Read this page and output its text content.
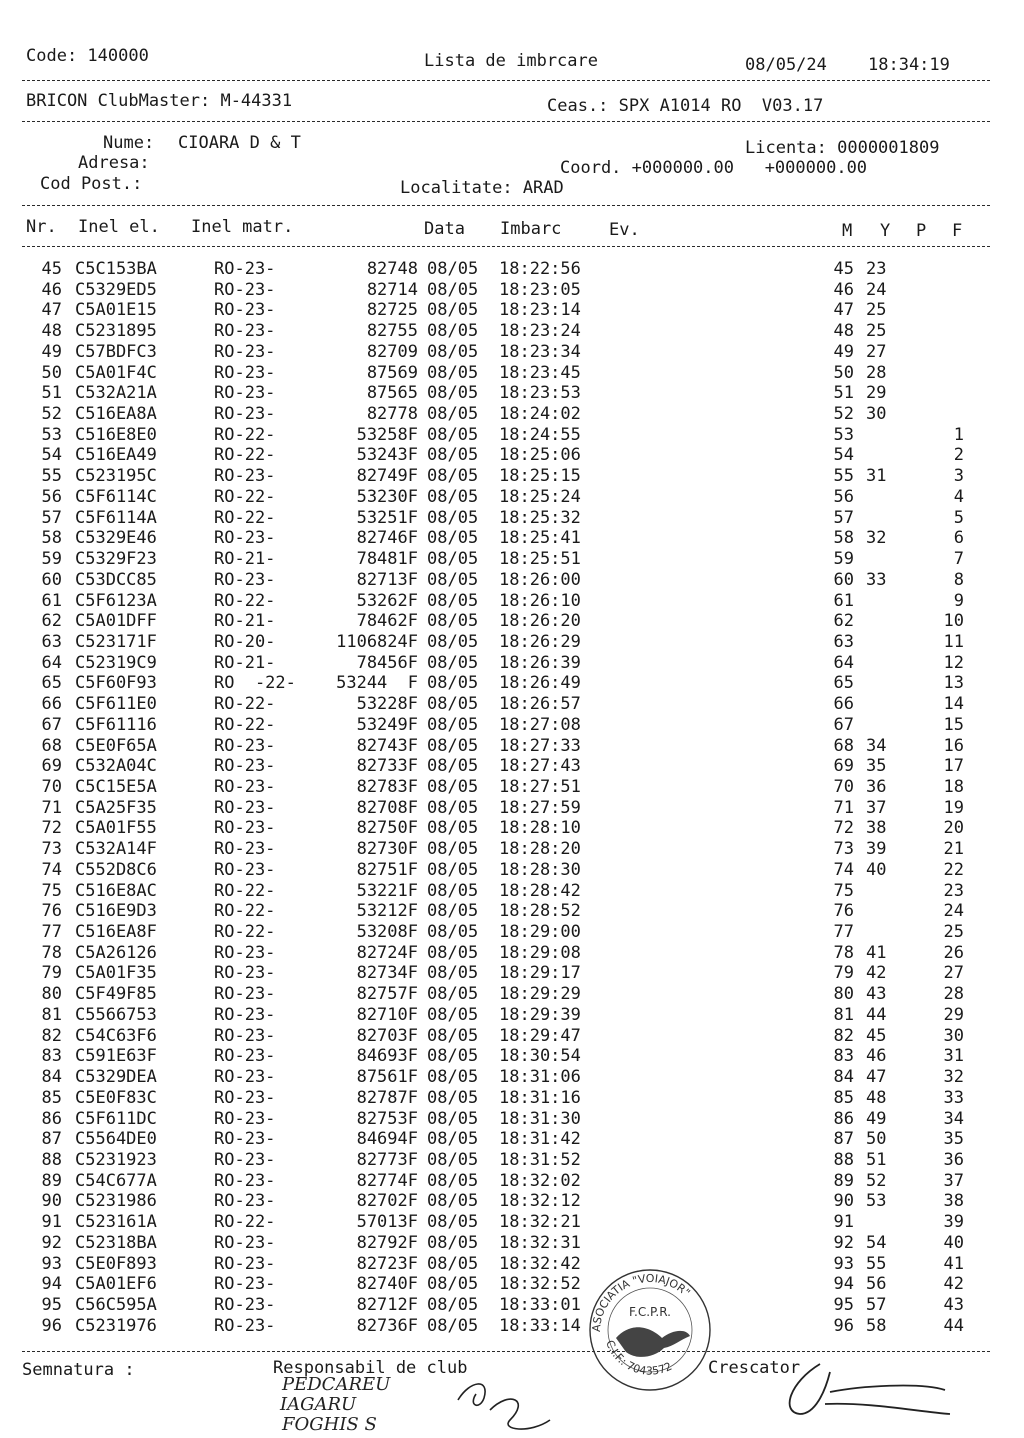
Code: 140000	Lista de imbrcare	08/05/24 18:34:19
BRICON ClubMaster: M-44331	Ceas.: SPX A1014 RO  V03.17
Nume: CIOARA D & T	Licenta: 0000001809
Adresa:	Coord. +000000.00   +000000.00
Cod Post.:	Localitate: ARAD
Nr. Inel el. Inel matr.	Data Imbarc	Ev.	M Y P F
45 C5C153BA	RO-23-	82748 08/05 18:22:56	45 23
46 C5329ED5	RO-23-	82714 08/05 18:23:05	46 24
47 C5A01E15	RO-23-	82725 08/05 18:23:14	47 25
48 C5231895	RO-23-	82755 08/05 18:23:24	48 25
49 C57BDFC3	RO-23-	82709 08/05 18:23:34	49 27
50 C5A01F4C	RO-23-	87569 08/05 18:23:45	50 28
51 C532A21A	RO-23-	87565 08/05 18:23:53	51 29
52 C516EA8A	RO-23-	82778 08/05 18:24:02	52 30
53 C516E8E0	RO-22-	53258F 08/05 18:24:55	53	1
54 C516EA49	RO-22-	53243F 08/05 18:25:06	54	2
55 C523195C	RO-23-	82749F 08/05 18:25:15	55 31	3
56 C5F6114C	RO-22-	53230F 08/05 18:25:24	56	4
57 C5F6114A	RO-22-	53251F 08/05 18:25:32	57	5
58 C5329E46	RO-23-	82746F 08/05 18:25:41	58 32	6
59 C5329F23	RO-21-	78481F 08/05 18:25:51	59	7
60 C53DCC85	RO-23-	82713F 08/05 18:26:00	60 33	8
61 C5F6123A	RO-22-	53262F 08/05 18:26:10	61	9
62 C5A01DFF	RO-21-	78462F 08/05 18:26:20	62	10
63 C523171F	RO-20-	1106824F 08/05 18:26:29	63	11
64 C52319C9	RO-21-	78456F 08/05 18:26:39	64	12
65 C5F60F93	RO  -22-	53244  F 08/05 18:26:49	65	13
66 C5F611E0	RO-22-	53228F 08/05 18:26:57	66	14
67 C5F61116	RO-22-	53249F 08/05 18:27:08	67	15
68 C5E0F65A	RO-23-	82743F 08/05 18:27:33	68 34	16
69 C532A04C	RO-23-	82733F 08/05 18:27:43	69 35	17
70 C5C15E5A	RO-23-	82783F 08/05 18:27:51	70 36	18
71 C5A25F35	RO-23-	82708F 08/05 18:27:59	71 37	19
72 C5A01F55	RO-23-	82750F 08/05 18:28:10	72 38	20
73 C532A14F	RO-23-	82730F 08/05 18:28:20	73 39	21
74 C552D8C6	RO-23-	82751F 08/05 18:28:30	74 40	22
75 C516E8AC	RO-22-	53221F 08/05 18:28:42	75	23
76 C516E9D3	RO-22-	53212F 08/05 18:28:52	76	24
77 C516EA8F	RO-22-	53208F 08/05 18:29:00	77	25
78 C5A26126	RO-23-	82724F 08/05 18:29:08	78 41	26
79 C5A01F35	RO-23-	82734F 08/05 18:29:17	79 42	27
80 C5F49F85	RO-23-	82757F 08/05 18:29:29	80 43	28
81 C5566753	RO-23-	82710F 08/05 18:29:39	81 44	29
82 C54C63F6	RO-23-	82703F 08/05 18:29:47	82 45	30
83 C591E63F	RO-23-	84693F 08/05 18:30:54	83 46	31
84 C5329DEA	RO-23-	87561F 08/05 18:31:06	84 47	32
85 C5E0F83C	RO-23-	82787F 08/05 18:31:16	85 48	33
86 C5F611DC	RO-23-	82753F 08/05 18:31:30	86 49	34
87 C5564DE0	RO-23-	84694F 08/05 18:31:42	87 50	35
88 C5231923	RO-23-	82773F 08/05 18:31:52	88 51	36
89 C54C677A	RO-23-	82774F 08/05 18:32:02	89 52	37
90 C5231986	RO-23-	82702F 08/05 18:32:12	90 53	38
91 C523161A	RO-22-	57013F 08/05 18:32:21	91	39
92 C52318BA	RO-23-	82792F 08/05 18:32:31	92 54	40
93 C5E0F893	RO-23-	82723F 08/05 18:32:42	93 55	41
94 C5A01EF6	RO-23-	82740F 08/05 18:32:52	94 56	42
95 C56C595A	RO-23-	82712F 08/05 18:33:01	95 57	43
96 C5231976	RO-23-	82736F 08/05 18:33:14	96 58	44
Semnatura :	Responsabil de club	Crescator
PEDCAREU
IAGARU
FOGHIS S
ASOCIATIA "VOIAJOR"
C.I.F.: 7043572
F.C.P.R.
